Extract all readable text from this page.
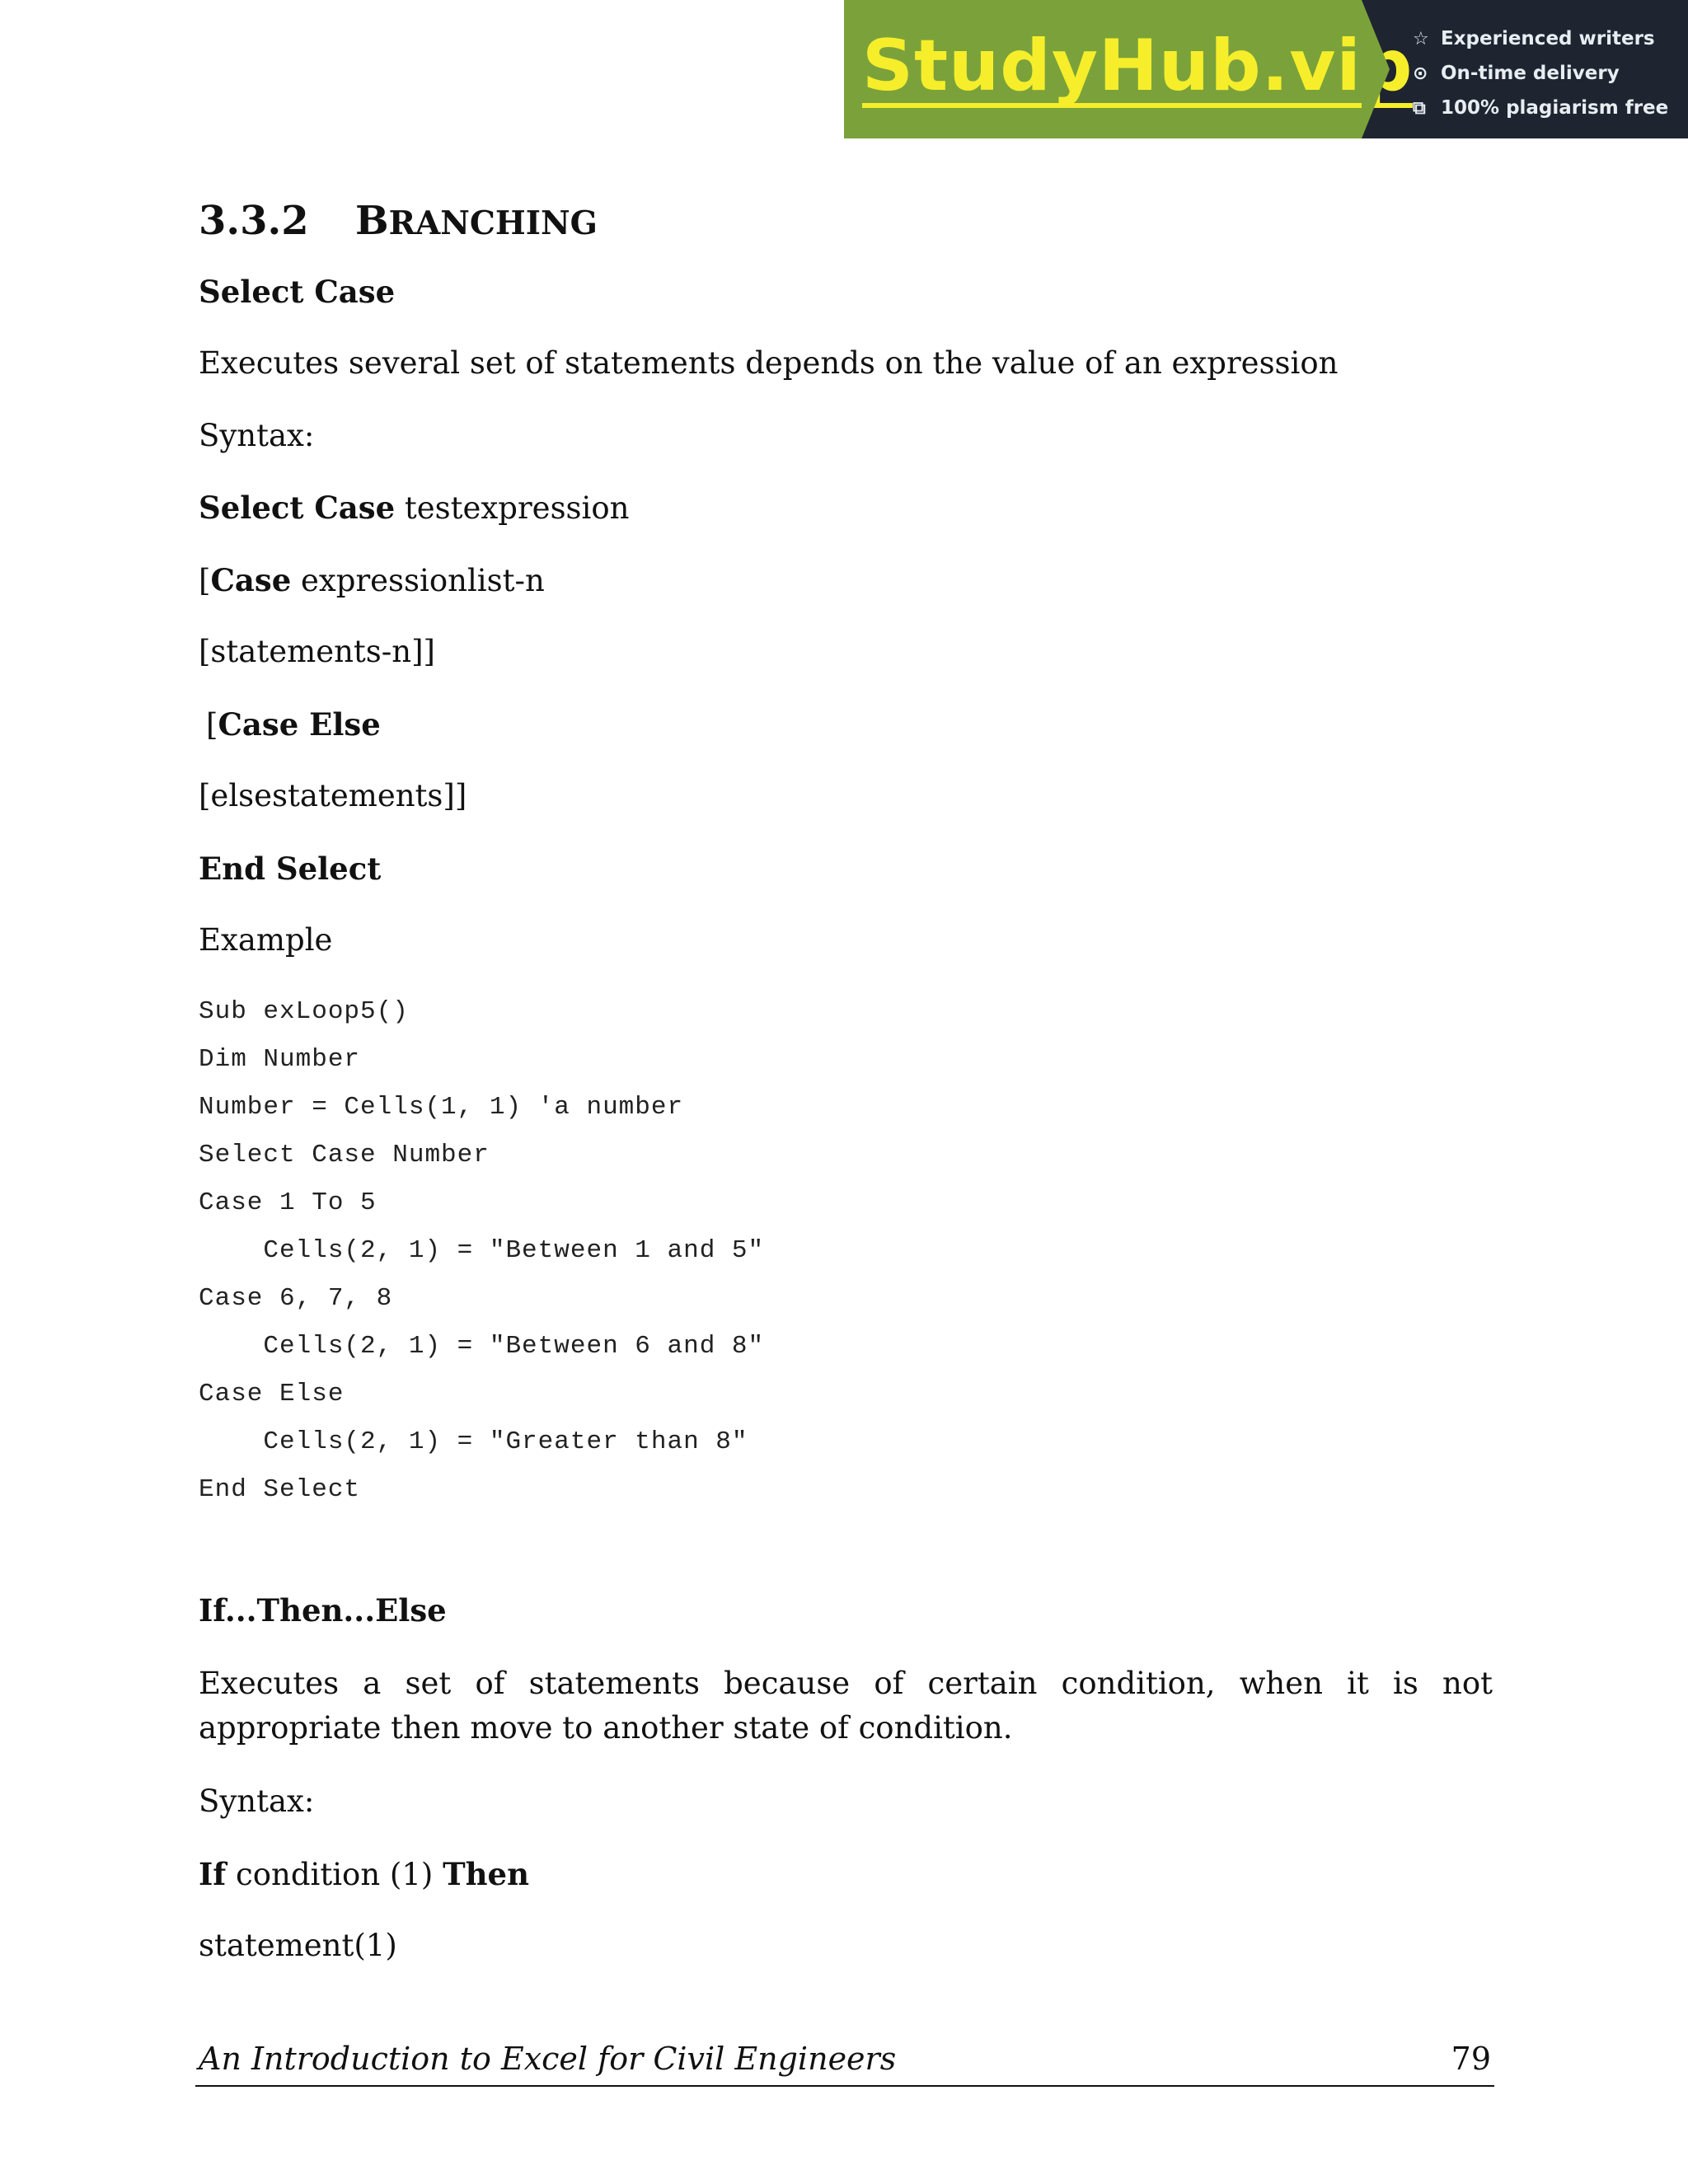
StudyHub.vip ☆ Experienced writers
⊙ On-time delivery
⧉ 100% plagiarism free
3.3.2 BRANCHING
Select Case
Executes several set of statements depends on the value of an expression
Syntax:
Select Case testexpression
[Case expressionlist-n
[statements-n]]
[Case Else
[elsestatements]]
End Select
Example
Sub exLoop5()
Dim Number
Number = Cells(1, 1) 'a number
Select Case Number
Case 1 To 5
Cells(2, 1) = "Between 1 and 5"
Case 6, 7, 8
Cells(2, 1) = "Between 6 and 8"
Case Else
Cells(2, 1) = "Greater than 8"
End Select
If...Then...Else
Executes a set of statements because of certain condition, when it is not appropriate then move to another state of condition.
Syntax:
If condition (1) Then
statement(1)
An Introduction to Excel for Civil Engineers	79
